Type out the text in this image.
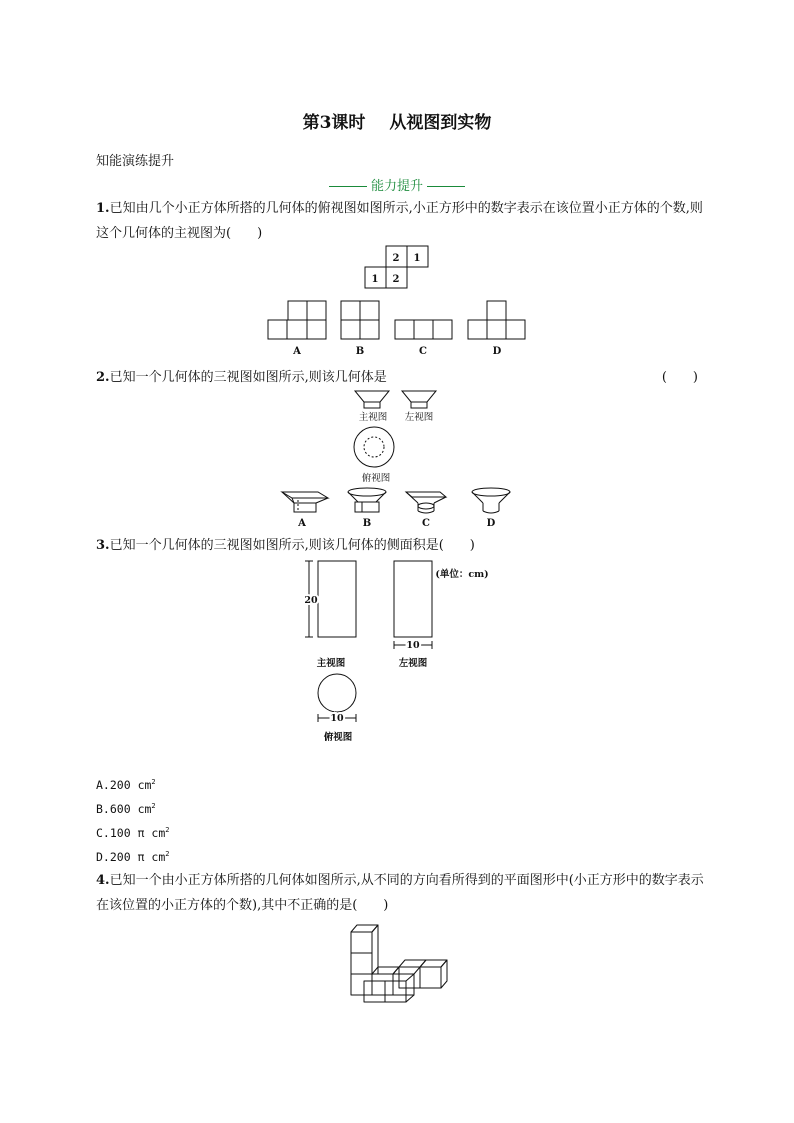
第3课时 从视图到实物
知能演练提升
能力提升
1.已知由几个小正方体所搭的几何体的俯视图如图所示,小正方形中的数字表示在该位置小正方体的个数,则这个几何体的主视图为(　　)
2 1
1 2
A	B	C	D
主视图 左视图
俯视图
A	B	C	D
20
10
10
(单位：cm)
主视图	左视图
俯视图
2.已知一个几何体的三视图如图所示,则该几何体是	(　　)
3.已知一个几何体的三视图如图所示,则该几何体的侧面积是(　　)
A.200 $cm^2$
B.600 $cm^2$
C.100 π $cm^2$
D.200 π $cm^2$
4.已知一个由小正方体所搭的几何体如图所示,从不同的方向看所得到的平面图形中(小正方形中的数字表示在该位置的小正方体的个数),其中不正确的是(　　)
